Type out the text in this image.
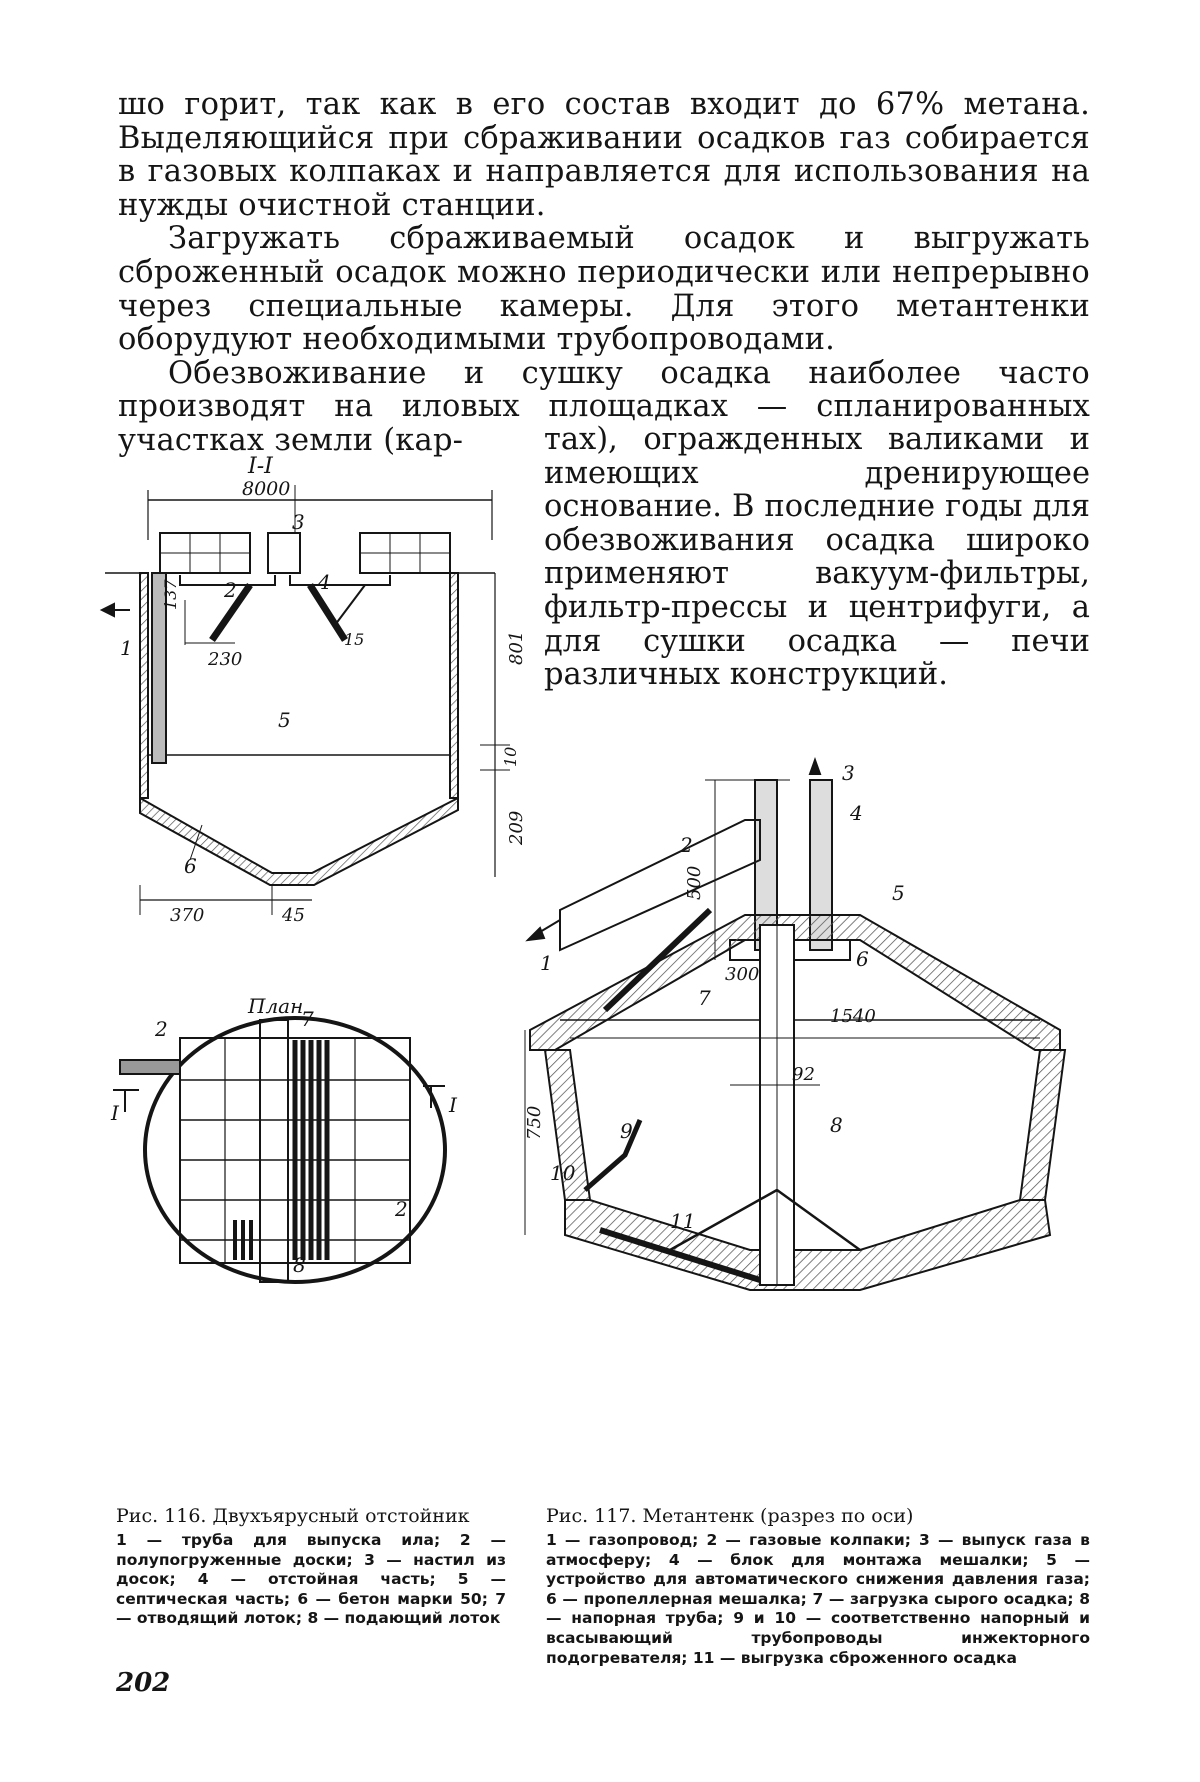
шо горит, так как в его состав входит до 67% метана. Выделяющийся при сбраживании осадков газ собирается в газовых колпаках и направляется для использования на нужды очистной станции.

Загружать сбраживаемый осадок и выгружать сброженный осадок можно периодически или непрерывно через специальные камеры. Для этого метантенки оборудуют необходимыми трубопроводами.

Обезвоживание и сушку осадка наиболее часто производят на иловых площадках — спланированных участках земли (кар-	тах), огражденных валиками и имеющих дренирующее основание. В последние годы для обезвоживания осадка широко применяют вакуум-фильтры, фильтр-прессы и центрифуги, а для сушки осадка — печи различных конструкций.
I-I
8000
3
2	4
1
5
6
137
230
15	801
10
209
370	45
План
2	7
I	I
2
8
3
4
2
5
500
6
300
1
7
1540
92
8
750	9
10
11

Рис. 116. Двухъярусный отстойник

1 — труба для выпуска ила; 2 — полупогруженные доски; 3 — настил из досок; 4 — отстойная часть; 5 — септическая часть; 6 — бетон марки 50; 7 — отводящий лоток; 8 — подающий лоток

Рис. 117. Метантенк (разрез по оси)

1 — газопровод; 2 — газовые колпаки; 3 — выпуск газа в атмосферу; 4 — блок для монтажа мешалки; 5 — устройство для автоматического снижения давления газа; 6 — пропеллерная мешалка; 7 — загрузка сырого осадка; 8 — напорная труба; 9 и 10 — соответственно напорный и всасывающий трубопроводы инжекторного подогревателя; 11 — выгрузка сброженного осадка

202
